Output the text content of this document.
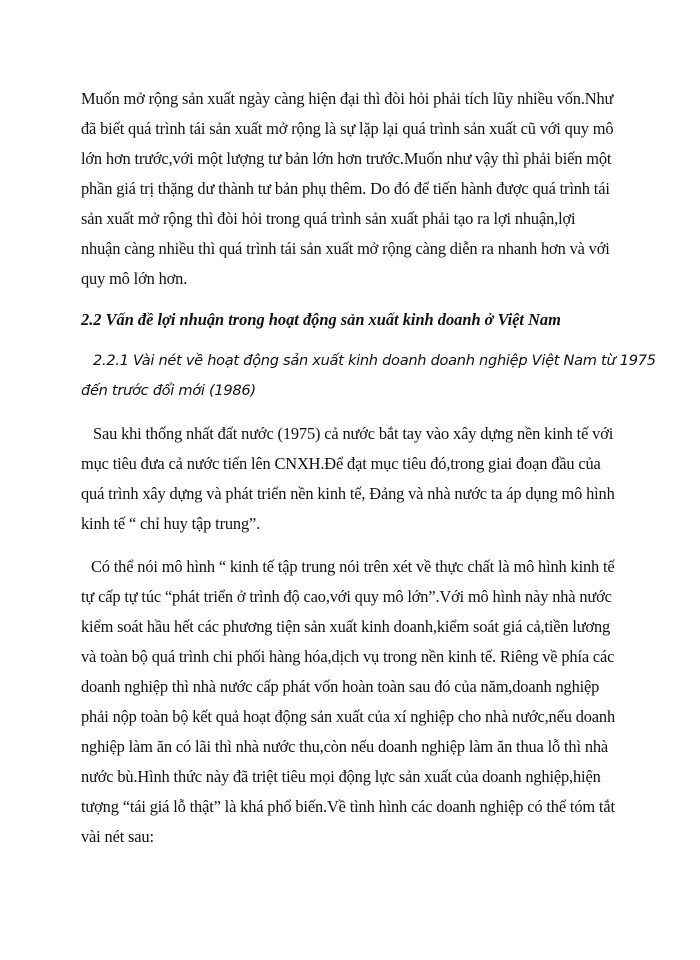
Muốn mở rộng sản xuất ngày càng hiện đại thì đòi hỏi phải tích lũy nhiều vốn.Như
đã biết quá trình tái sản xuất mở rộng là sự lặp lại quá trình sản xuất cũ với quy mô
lớn hơn trước,với một lượng tư bản lớn hơn trước.Muốn như vậy thì phải biến một
phần giá trị thặng dư thành tư bản phụ thêm. Do đó để tiến hành được quá trình tái
sản xuất mở rộng thì đòi hỏi trong quá trình sản xuất phải tạo ra lợi nhuận,lợi
nhuận càng nhiều thì quá trình tái sản xuất mở rộng càng diễn ra nhanh hơn và với
quy mô lớn hơn.
2.2 Vấn đề lợi nhuận trong hoạt động sản xuất kinh doanh ở Việt Nam
2.2.1 Vài nét về hoạt động sản xuất kinh doanh doanh nghiệp Việt Nam từ 1975
đến trước đổi mới (1986)
Sau khi thống nhất đất nước (1975) cả nước bắt tay vào xây dựng nền kinh tế với
mục tiêu đưa cả nước tiến lên CNXH.Để đạt mục tiêu đó,trong giai đoạn đầu của
quá trình xây dựng và phát triển nền kinh tế, Đảng và nhà nước ta áp dụng mô hình
kinh tế “ chỉ huy tập trung”.
Có thể nói mô hình “ kinh tế tập trung nói trên xét về thực chất là mô hình kinh tế
tự cấp tự túc “phát triển ở trình độ cao,với quy mô lớn”.Với mô hình này nhà nước
kiểm soát hầu hết các phương tiện sản xuất kinh doanh,kiểm soát giá cả,tiền lương
và toàn bộ quá trình chi phối hàng hóa,dịch vụ trong nền kinh tế. Riêng về phía các
doanh nghiệp thì nhà nước cấp phát vốn hoàn toàn sau đó của năm,doanh nghiệp
phải nộp toàn bộ kết quả hoạt động sản xuất của xí nghiệp cho nhà nước,nếu doanh
nghiệp làm ăn có lãi thì nhà nước thu,còn nếu doanh nghiệp làm ăn thua lỗ thì nhà
nước bù.Hình thức này đã triệt tiêu mọi động lực sản xuất của doanh nghiệp,hiện
tượng “tái giá lỗ thật” là khá phổ biến.Về tình hình các doanh nghiệp có thể tóm tắt
vài nét sau:
